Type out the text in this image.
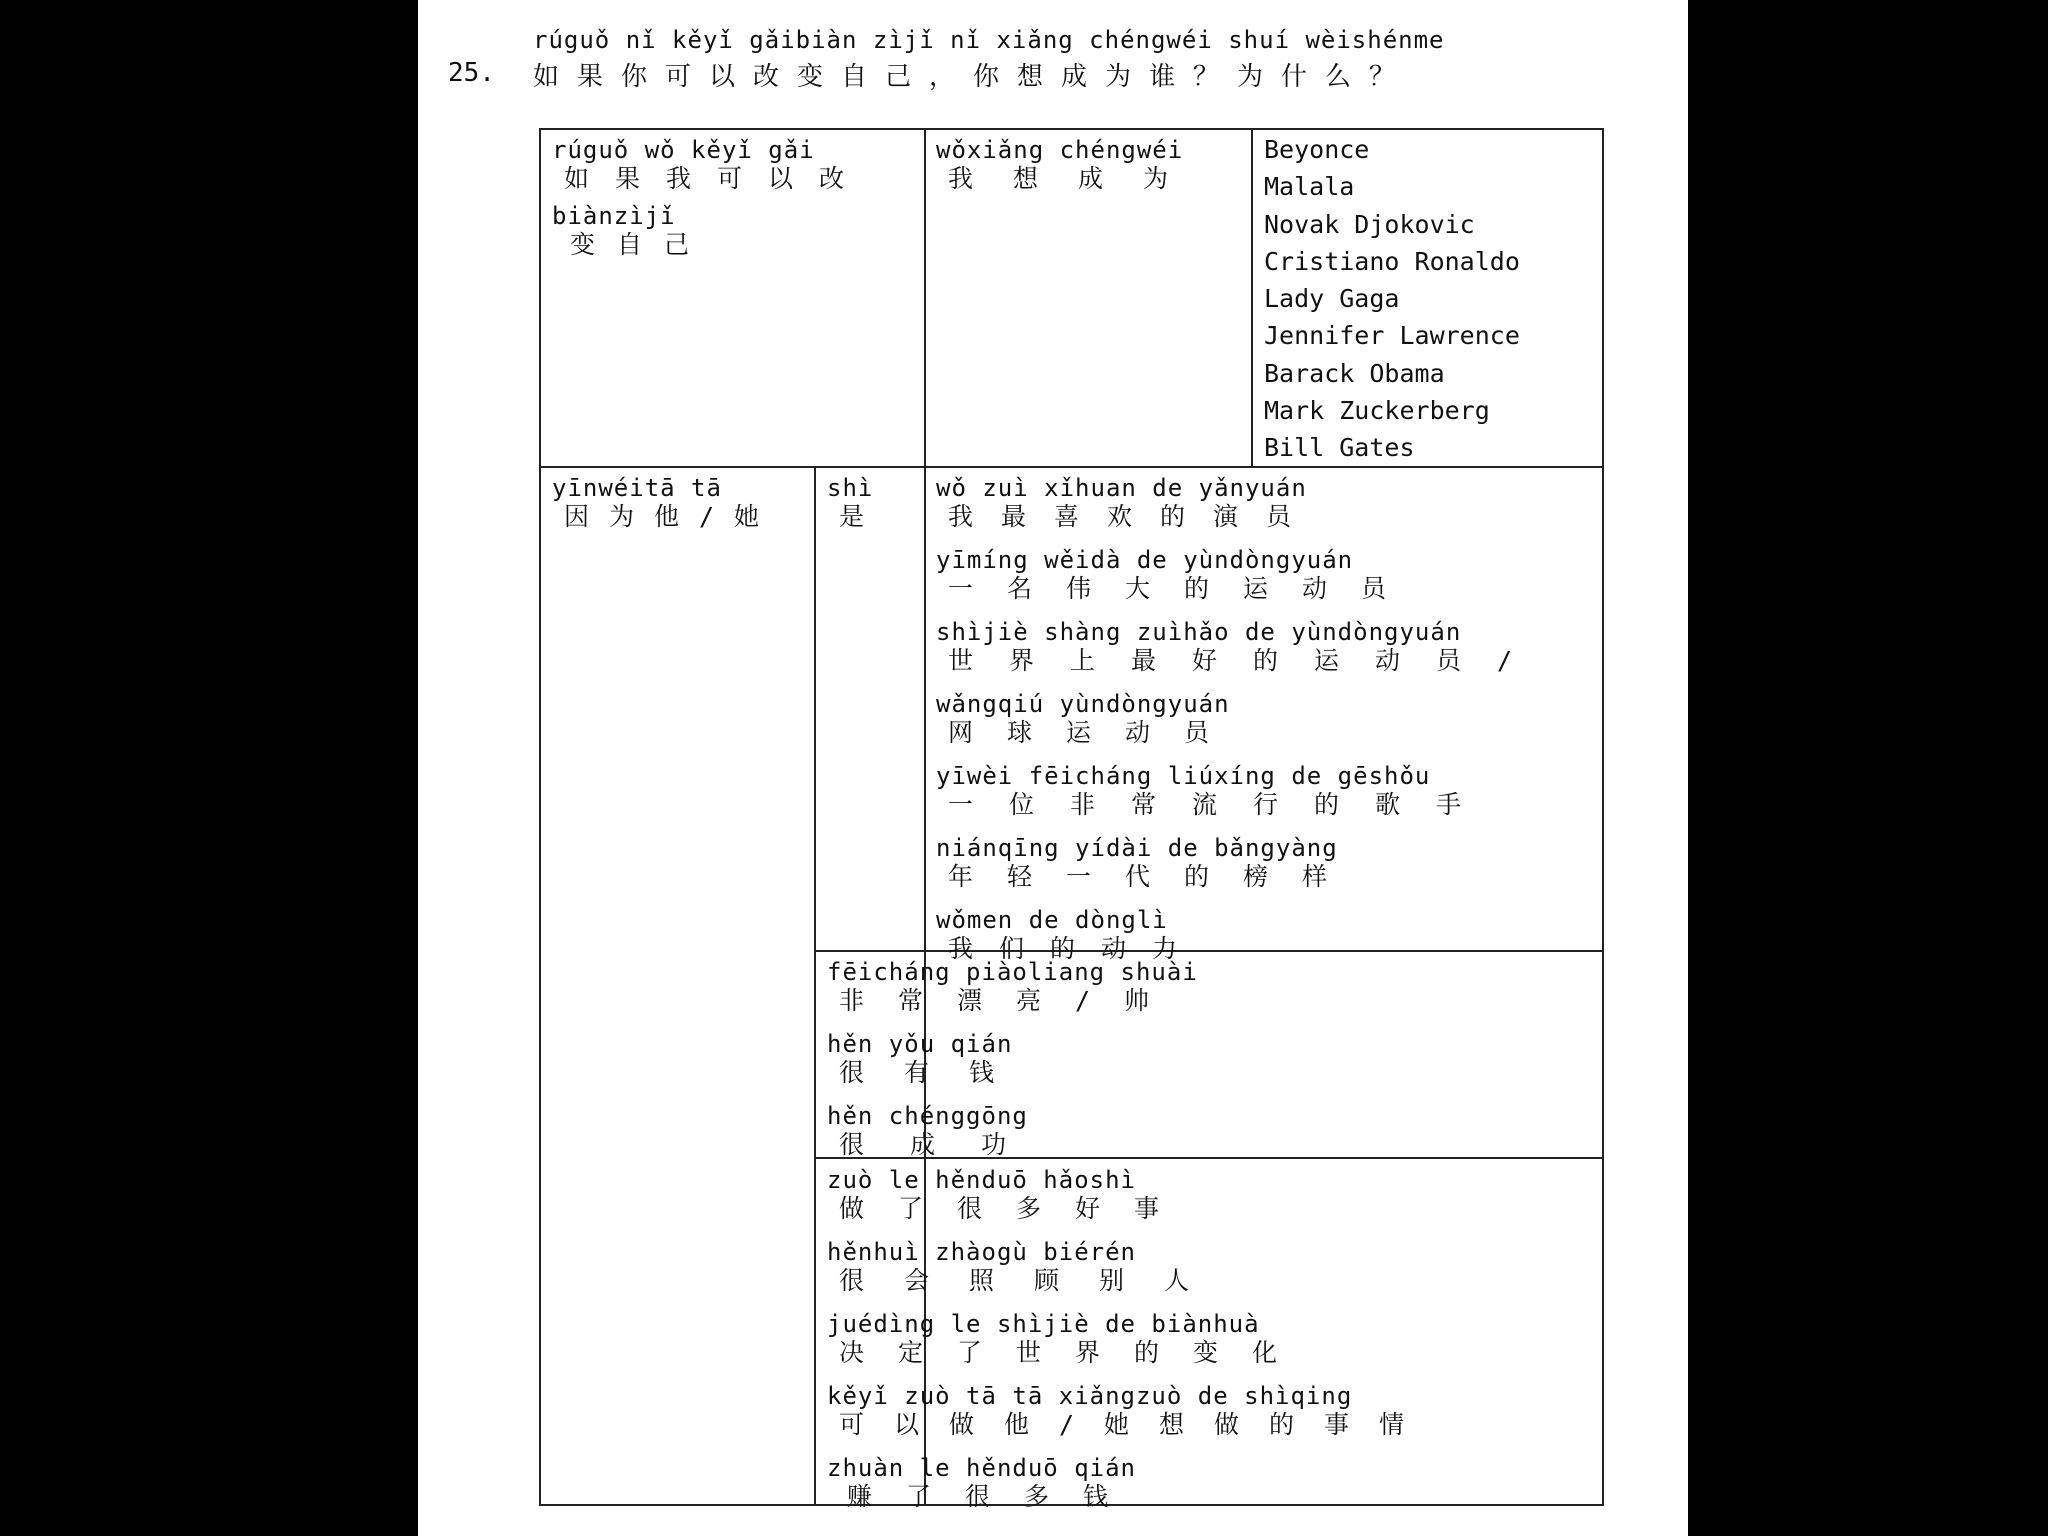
25.
rúguǒ nǐ kěyǐ gǎibiàn zìjǐ nǐ xiǎng chéngwéi shuí wèishénme
如果你可以改变自己，你想成为谁？为什么？
rúguǒ wǒ kěyǐ gǎi
如果我可以改
biànzìjǐ
变自己
wǒxiǎng chéngwéi
我想成为
Beyonce
Malala
Novak Djokovic
Cristiano Ronaldo
Lady Gaga
Jennifer Lawrence
Barack Obama
Mark Zuckerberg
Bill Gates
yīnwéitā tā
因为他/她
shì
是
wǒ zuì xǐhuan de yǎnyuán
我最喜欢的演员
yīmíng wěidà de yùndòngyuán
一名伟大的运动员
shìjiè shàng zuìhǎo de yùndòngyuán
世界上最好的运动员/
wǎngqiú yùndòngyuán
网球运动员
yīwèi fēicháng liúxíng de gēshǒu
一位非常流行的歌手
niánqīng yídài de bǎngyàng
年轻一代的榜样
wǒmen de dònglì
我们的动力
fēicháng piàoliang shuài
非常漂亮/帅
hěn yǒu qián
很有钱
hěn chénggōng
很成功
zuò le hěnduō hǎoshì
做了很多好事
hěnhuì zhàogù biérén
很会照顾别人
juédìng le shìjiè de biànhuà
决定了世界的变化
kěyǐ zuò tā tā xiǎngzuò de shìqing
可以做他/她想做的事情
zhuàn le hěnduō qián
赚了很多钱
